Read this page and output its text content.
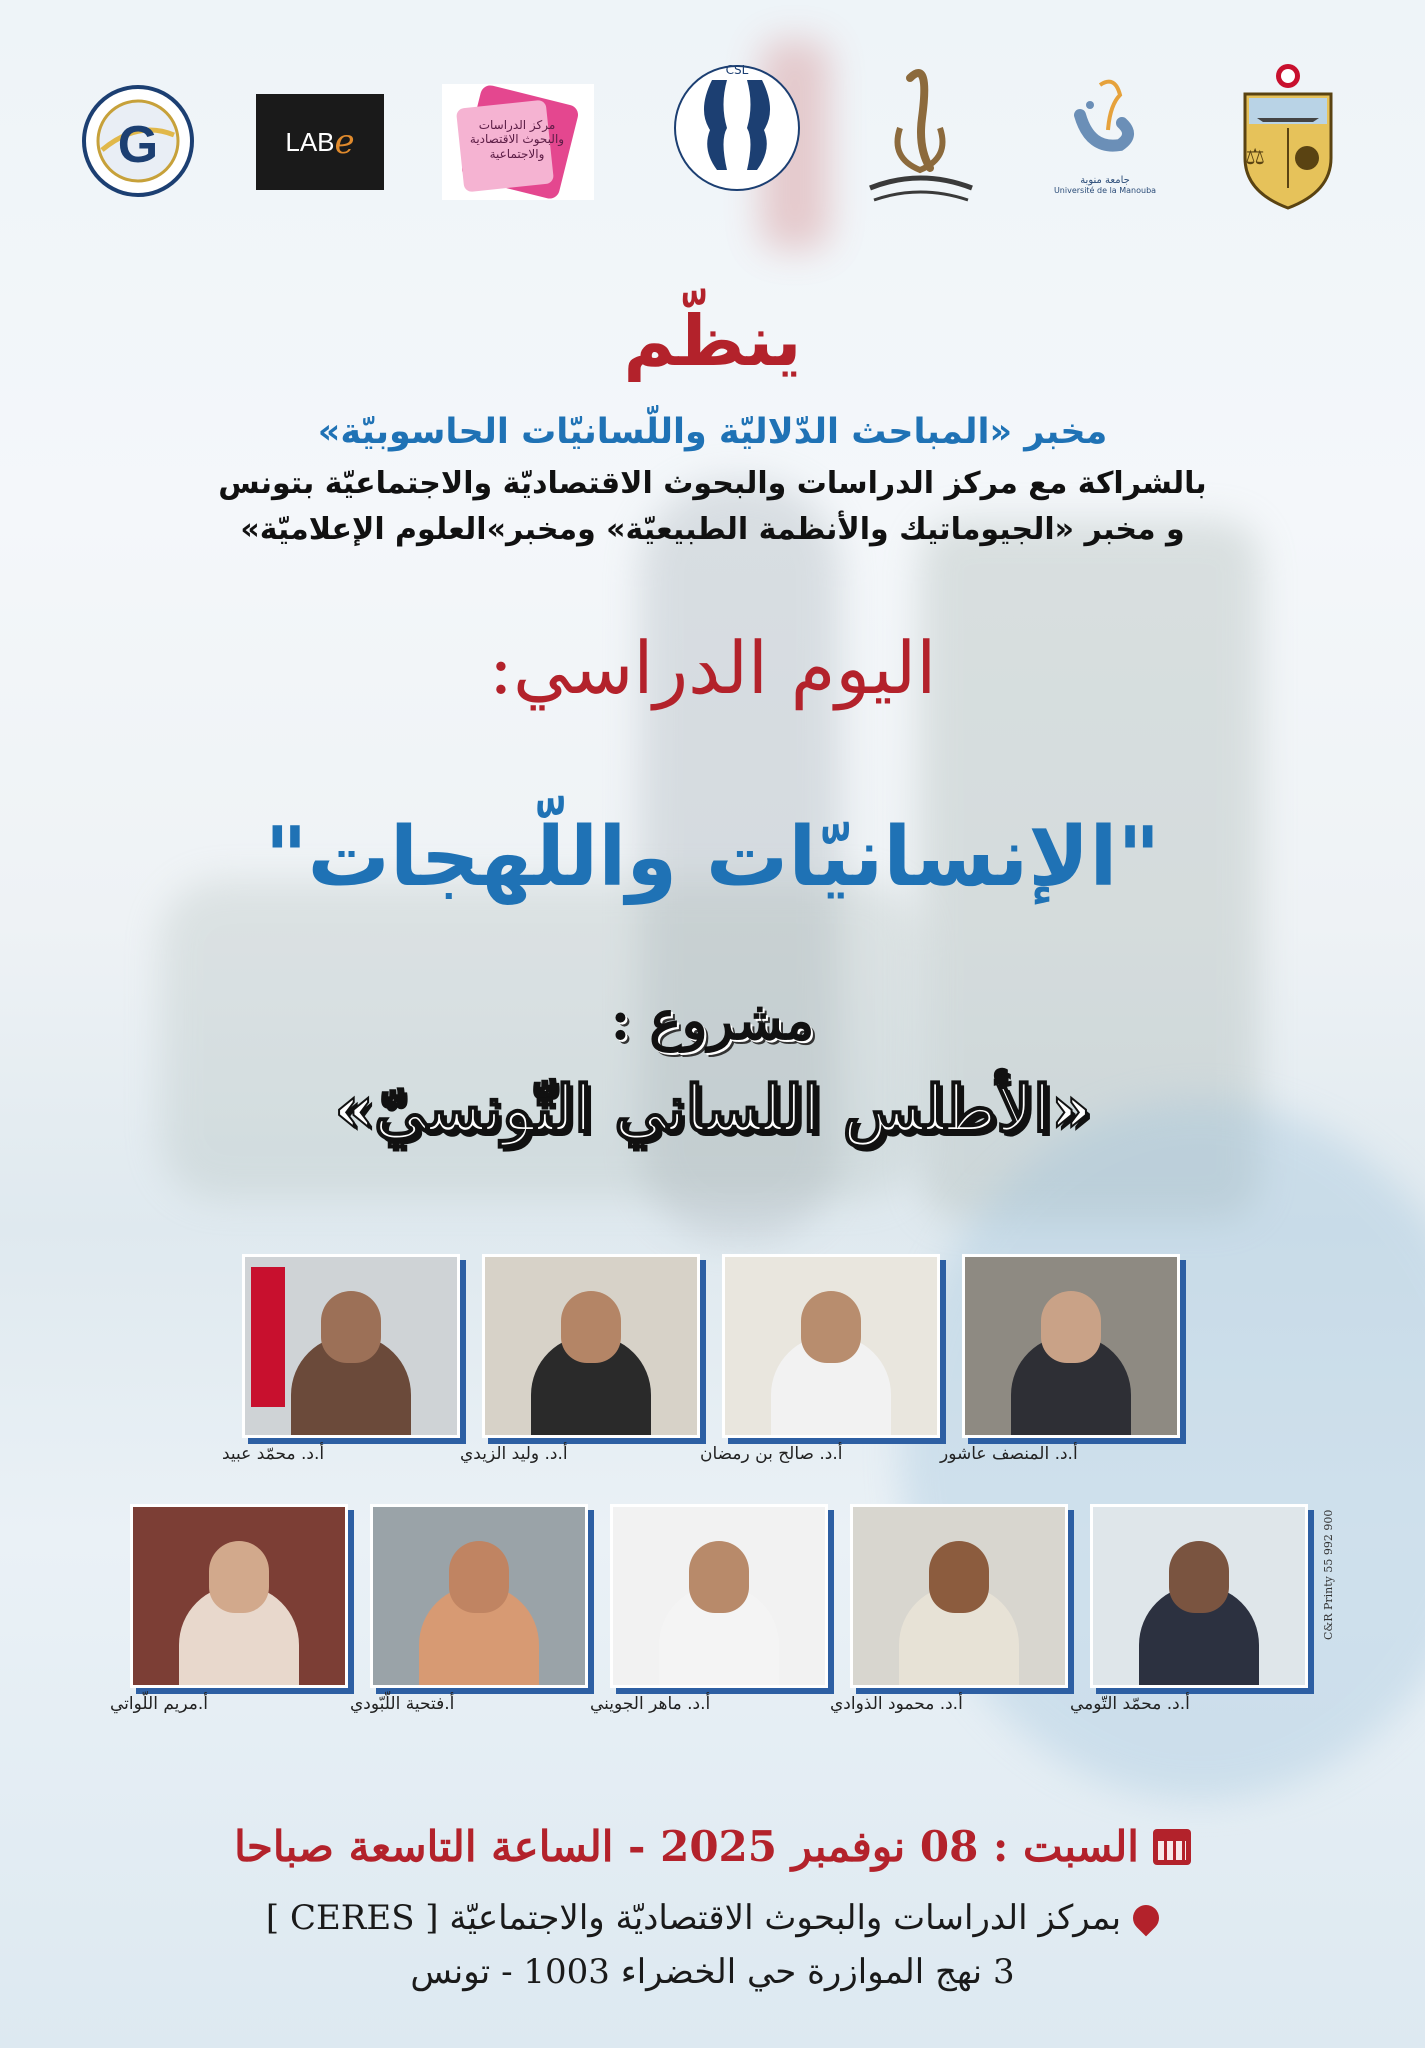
⚖
جامعة منوبة
Université de la Manouba
CSL
مركز الدراسات والبحوث الاقتصادية والاجتماعية
e
LAB
G
ينظّم
مخبر «المباحث الدّلاليّة واللّسانيّات الحاسوبيّة»
بالشراكة مع مركز الدراسات والبحوث الاقتصاديّة والاجتماعيّة بتونس
و مخبر «الجيوماتيك والأنظمة الطبيعيّة» ومخبر»العلوم الإعلاميّة»
اليوم الدراسي:
"الإنسانيّات واللّهجات"
مشروع :
«الأطلس اللساني التّونسيّ»
أ.د. المنصف عاشور
أ.د. صالح بن رمضان
أ.د. وليد الزيدي
أ.د. محمّد عبيد
أ.د. محمّد التّومي
أ.د. محمود الذوادي
أ.د. ماهر الجويني
أ.فتحية اللّبّودي
أ.مريم اللّواتي
C&R Printy 55 992 900
السبت : 08 نوفمبر 2025 - الساعة التاسعة صباحا
بمركز الدراسات والبحوث الاقتصاديّة والاجتماعيّة [ CERES ]
3 نهج الموازرة حي الخضراء 1003 - تونس
